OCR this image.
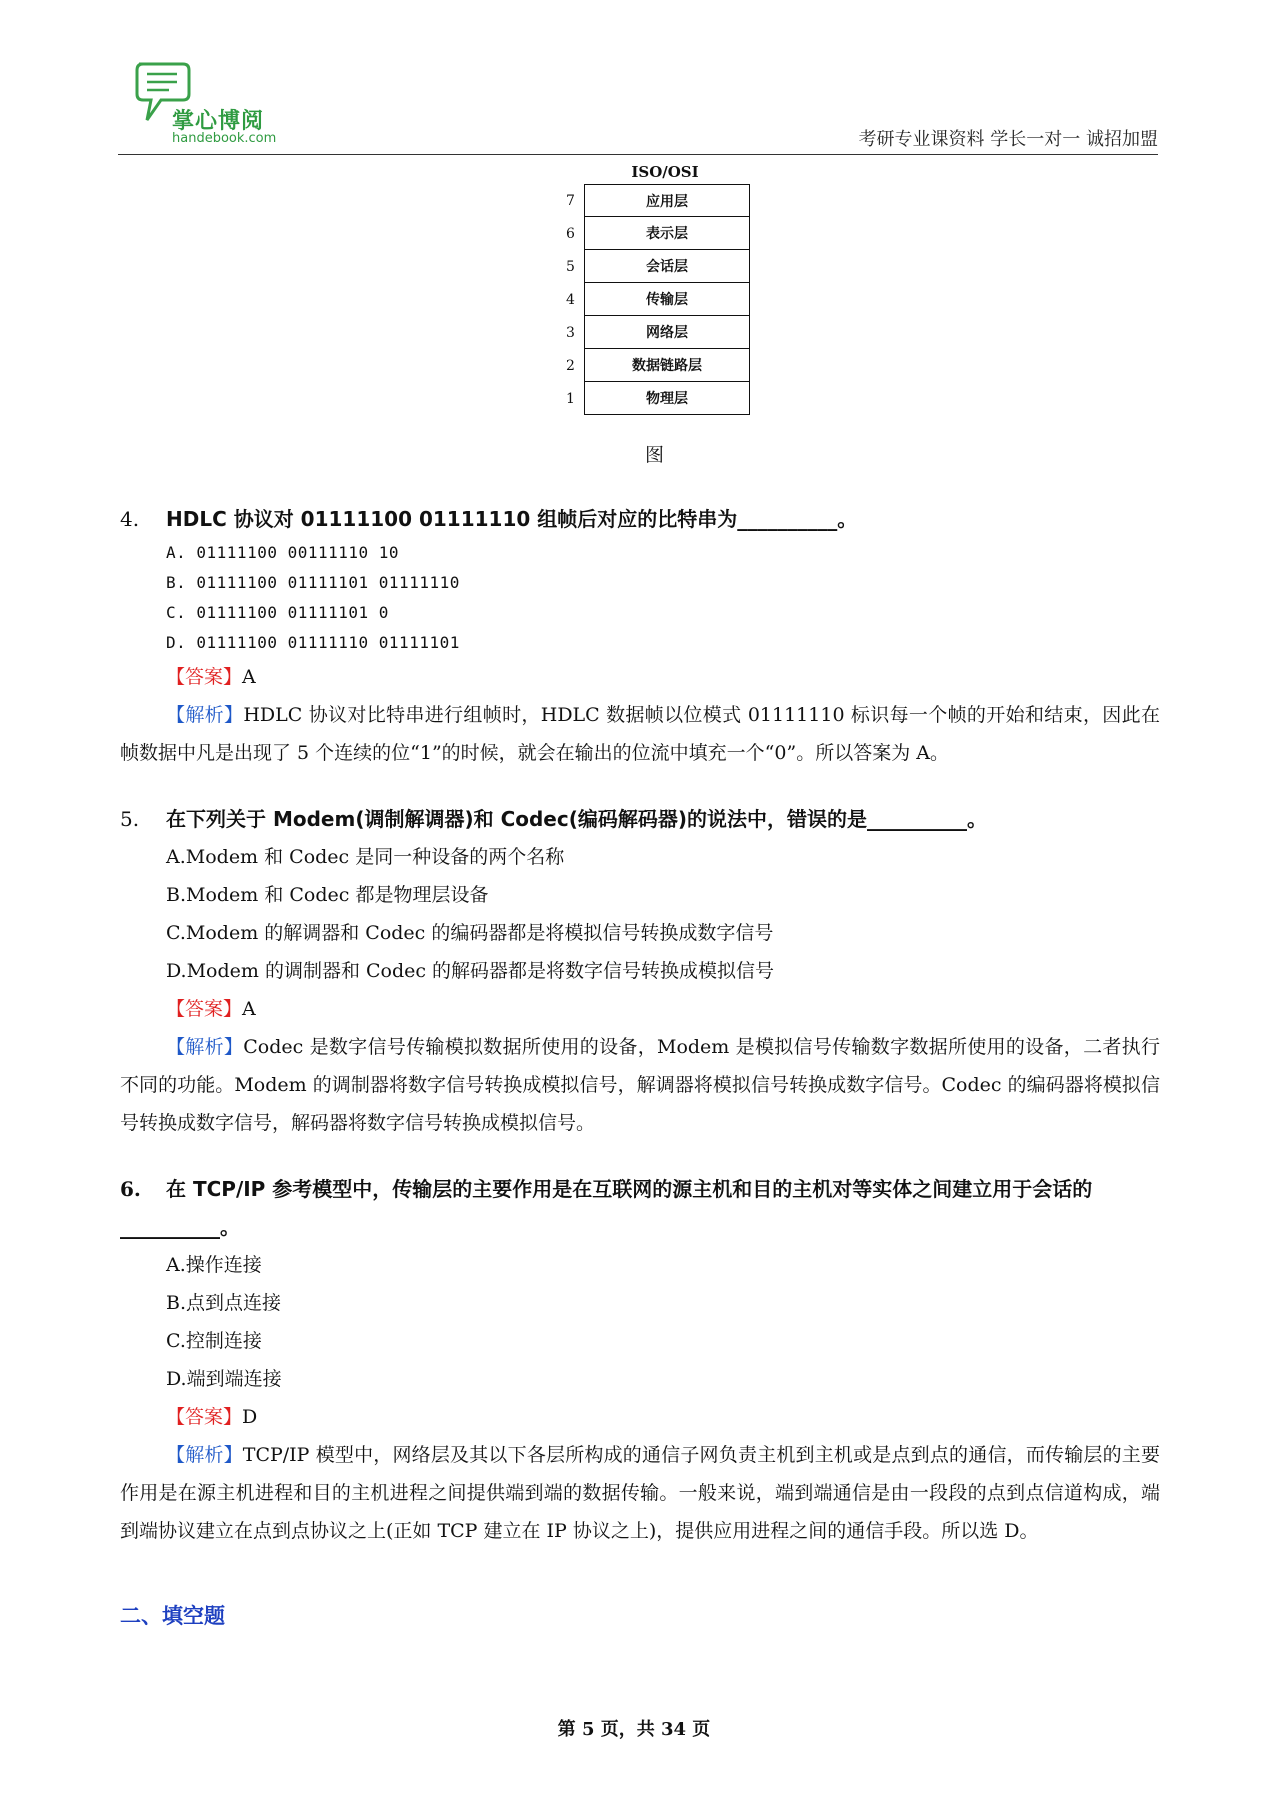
掌心博阅
handebook.com	考研专业课资料 学长一对一 诚招加盟
ISO/OSI
7	应用层
6	表示层
5	会话层
4	传输层
3	网络层
2	数据链路层
1	物理层
图
4. HDLC 协议对 01111100 01111110 组帧后对应的比特串为__________。
A. 01111100 00111110 10
B. 01111100 01111101 01111110
C. 01111100 01111101 0
D. 01111100 01111110 01111101
【答案】A
【解析】HDLC 协议对比特串进行组帧时，HDLC 数据帧以位模式 01111110 标识每一个帧的开始和结束，因此在帧数据中凡是出现了 5 个连续的位“1”的时候，就会在输出的位流中填充一个“0”。所以答案为 A。
5. 在下列关于 Modem(调制解调器)和 Codec(编码解码器)的说法中，错误的是__________。
A.Modem 和 Codec 是同一种设备的两个名称
B.Modem 和 Codec 都是物理层设备
C.Modem 的解调器和 Codec 的编码器都是将模拟信号转换成数字信号
D.Modem 的调制器和 Codec 的解码器都是将数字信号转换成模拟信号
【答案】A
【解析】Codec 是数字信号传输模拟数据所使用的设备，Modem 是模拟信号传输数字数据所使用的设备，二者执行不同的功能。Modem 的调制器将数字信号转换成模拟信号，解调器将模拟信号转换成数字信号。Codec 的编码器将模拟信号转换成数字信号，解码器将数字信号转换成模拟信号。
6. 在 TCP/IP 参考模型中，传输层的主要作用是在互联网的源主机和目的主机对等实体之间建立用于会话的__________。
A.操作连接
B.点到点连接
C.控制连接
D.端到端连接
【答案】D
【解析】TCP/IP 模型中，网络层及其以下各层所构成的通信子网负责主机到主机或是点到点的通信，而传输层的主要作用是在源主机进程和目的主机进程之间提供端到端的数据传输。一般来说，端到端通信是由一段段的点到点信道构成，端到端协议建立在点到点协议之上(正如 TCP 建立在 IP 协议之上)，提供应用进程之间的通信手段。所以选 D。
二、填空题
第 5 页，共 34 页
